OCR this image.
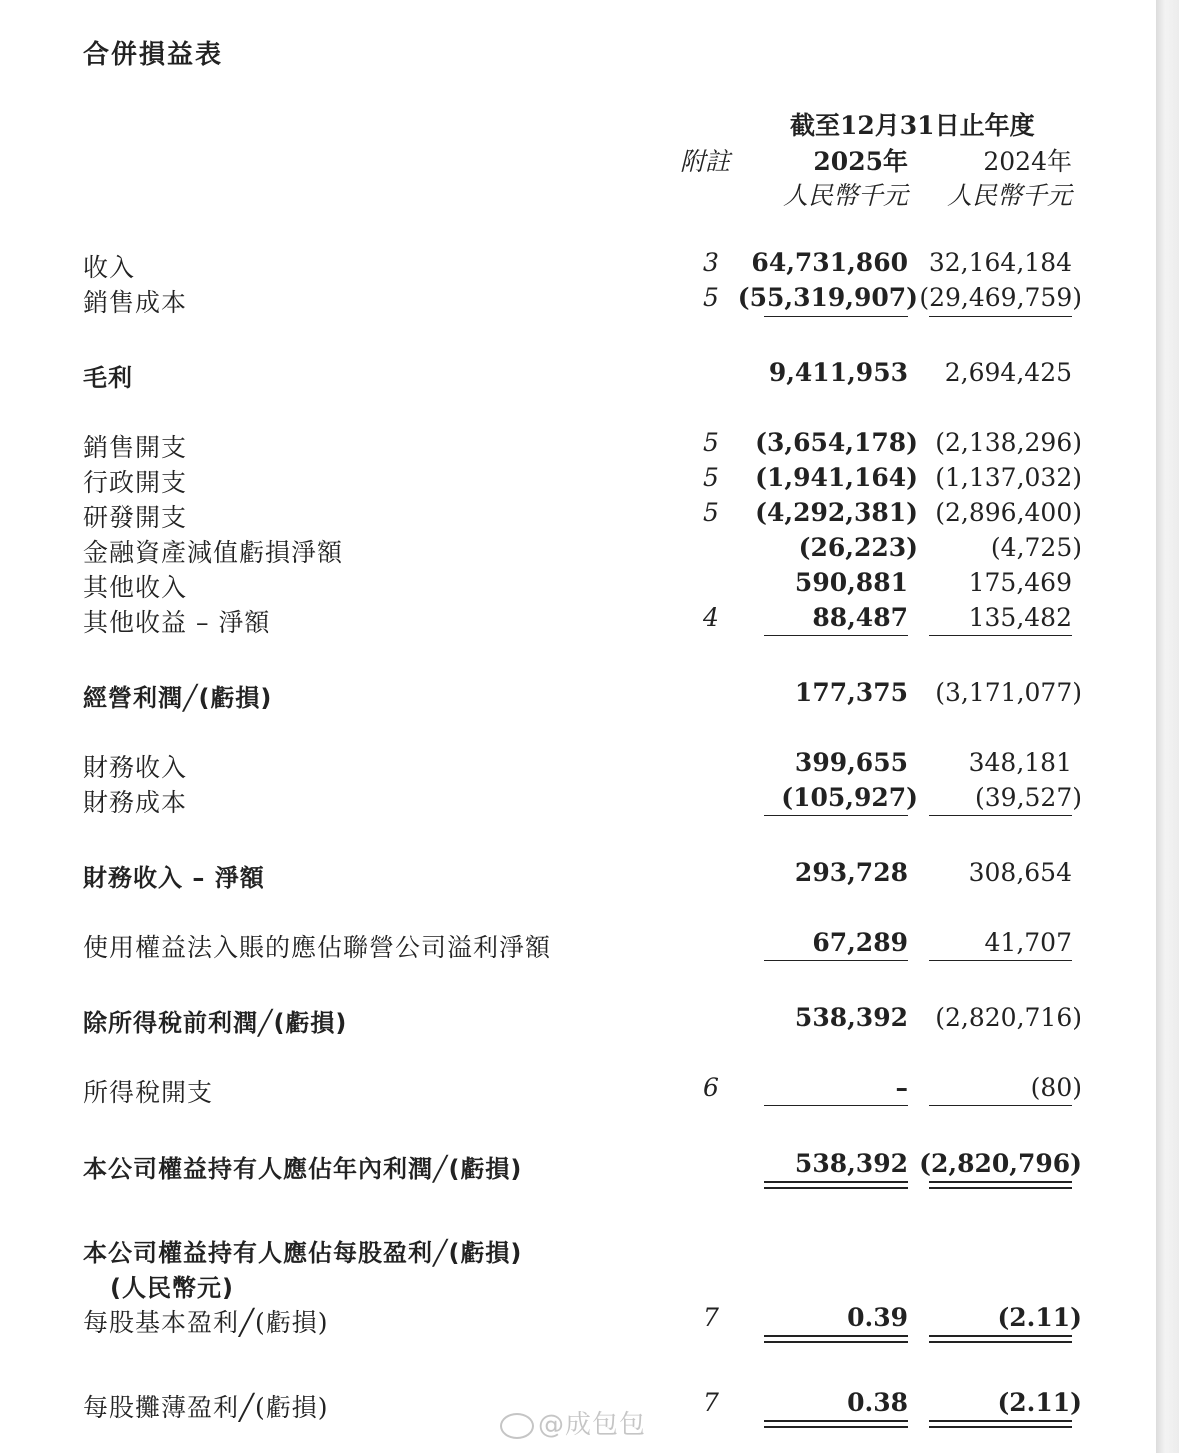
合併損益表
截至12月31日止年度
附註	2025年	2024年
人民幣千元	人民幣千元
收入	3 64,731,860 32,164,184
銷售成本	5 (55,319,907) (29,469,759)
毛利	9,411,953 2,694,425
銷售開支	5 (3,654,178) (2,138,296)
行政開支	5 (1,941,164) (1,137,032)
研發開支	5 (4,292,381) (2,896,400)
金融資產減值虧損淨額	(26,223)	(4,725)
其他收入	590,881 175,469
其他收益 – 淨額	4	88,487 135,482
經營利潤╱(虧損)	177,375 (3,171,077)
財務收入	399,655 348,181
財務成本	(105,927) (39,527)
財務收入 – 淨額	293,728 308,654
使用權益法入賬的應佔聯營公司溢利淨額	67,289	41,707
除所得稅前利潤╱(虧損)	538,392 (2,820,716)
所得稅開支	6	–	(80)
本公司權益持有人應佔年內利潤╱(虧損)	538,392 (2,820,796)
本公司權益持有人應佔每股盈利╱(虧損)
(人民幣元)
每股基本盈利╱(虧損)	7	0.39	(2.11)
每股攤薄盈利╱(虧損)	7	0.38	(2.11)
@成包包
